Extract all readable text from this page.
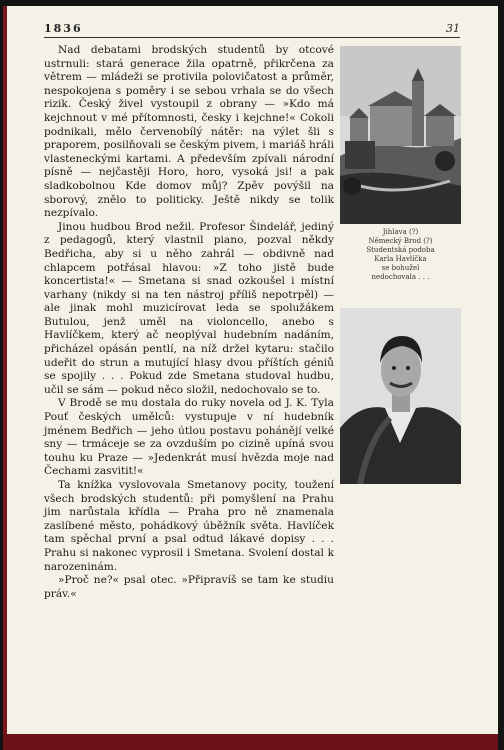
1836	31

Nad debatami brodských studentů by otcové ustrnuli: stará generace žila opatrně, přikrčena za větrem — mládeži se protivila polovičatost a průměr, nespokojena s poměry i se sebou vrhala se do všech rizik. Český živel vystoupil z obrany — »Kdo má kejchnout v mé přítomnosti, česky i kejchne!« Cokoli podnikali, mělo červenobílý nátěr: na výlet šli s praporem, posilňovali se českým pivem, i mariáš hráli vlasteneckými kartami. A především zpívali národní písně — nejčastěji Horo, horo, vysoká jsi! a pak sladkobolnou Kde domov můj? Zpěv povýšil na sborový, znělo to politicky. Ještě nikdy se tolik nezpívalo.

Jinou hudbou Brod nežil. Profesor Šindelář, jediný z pedagogů, který vlastnil piano, pozval někdy Bedřicha, aby si u něho zahrál — obdivně nad chlapcem potřásal hlavou: »Z toho jistě bude koncertista!« — Smetana si snad ozkoušel i místní varhany (nikdy si na ten nástroj příliš nepotrpěl) — ale jinak mohl muzicírovat leda se spolužákem Butulou, jenž uměl na violoncello, anebo s Havlíčkem, který ač neoplýval hudebním nadáním, přicházel opásán pentlí, na níž držel kytaru: stačilo udeřit do strun a mutující hlasy dvou příštích géniů se spojily . . . Pokud zde Smetana studoval hudbu, učil se sám — pokud něco složil, nedochovalo se to.

V Brodě se mu dostala do ruky novela od J. K. Tyla Pouť českých umělců: vystupuje v ní hudebník jménem Bedřich — jeho útlou postavu pohánějí velké sny — trmáceje se za ovzduším po cizině upíná svou touhu ku Praze — »Jedenkrát musí hvězda moje nad Čechami zasvitit!«

Ta knížka vyslovovala Smetanovy pocity, toužení všech brodských studentů: při pomyšlení na Prahu jim narůstala křídla — Praha pro ně znamenala zaslíbené město, pohádkový úběžník světa. Havlíček tam spěchal první a psal odtud lákavé dopisy . . . Prahu si nakonec vyprosil i Smetana. Svolení dostal k narozeninám.

»Proč ne?« psal otec. »Připravíš se tam ke studiu práv.«

Jihlava (?)
Německý Brod (?)
Studentská podoba
Karla Havlíčka
se bohužel
nedochovala . . .
